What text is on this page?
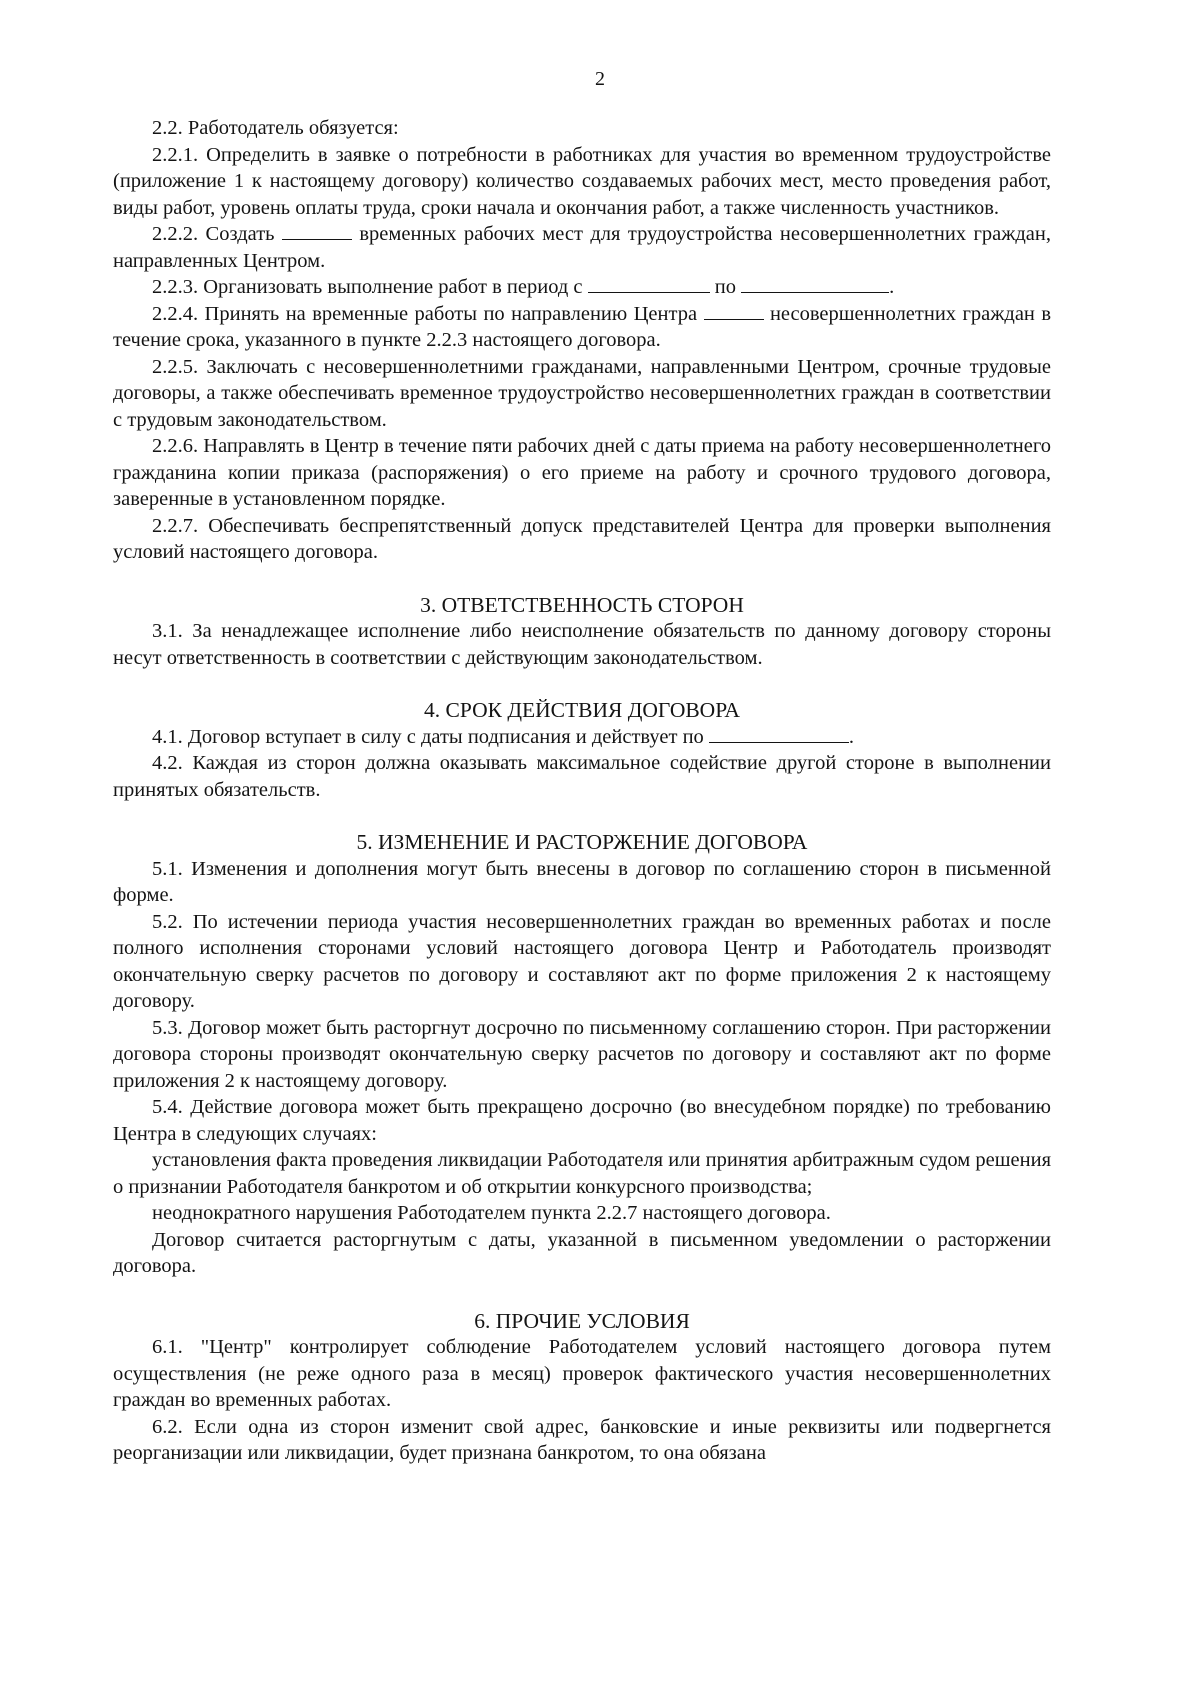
2

2.2. Работодатель обязуется:

2.2.1. Определить в заявке о потребности в работниках для участия во временном трудоустройстве (приложение 1 к настоящему договору) количество создаваемых рабочих мест, место проведения работ, виды работ, уровень оплаты труда, сроки начала и окончания работ, а также численность участников.

2.2.2. Создать	временных рабочих мест для трудоустройства несовершеннолетних граждан, направленных Центром.

2.2.3. Организовать выполнение работ в период с	по	.

2.2.4. Принять на временные работы по направлению Центра	несовершеннолетних граждан в течение срока, указанного в пункте 2.2.3 настоящего договора.

2.2.5. Заключать с несовершеннолетними гражданами, направленными Центром, срочные трудовые договоры, а также обеспечивать временное трудоустройство несовершеннолетних граждан в соответствии с трудовым законодательством.

2.2.6. Направлять в Центр в течение пяти рабочих дней с даты приема на работу несовершеннолетнего гражданина копии приказа (распоряжения) о его приеме на работу и срочного трудового договора, заверенные в установленном порядке.

2.2.7. Обеспечивать беспрепятственный допуск представителей Центра для проверки выполнения условий настоящего договора.

3. ОТВЕТСТВЕННОСТЬ СТОРОН

3.1. За ненадлежащее исполнение либо неисполнение обязательств по данному договору стороны несут ответственность в соответствии с действующим законодательством.

4. СРОК ДЕЙСТВИЯ ДОГОВОРА

4.1. Договор вступает в силу с даты подписания и действует по	.

4.2. Каждая из сторон должна оказывать максимальное содействие другой стороне в выполнении принятых обязательств.

5. ИЗМЕНЕНИЕ И РАСТОРЖЕНИЕ ДОГОВОРА

5.1. Изменения и дополнения могут быть внесены в договор по соглашению сторон в письменной форме.

5.2. По истечении периода участия несовершеннолетних граждан во временных работах и после полного исполнения сторонами условий настоящего договора Центр и Работодатель производят окончательную сверку расчетов по договору и составляют акт по форме приложения 2 к настоящему договору.

5.3. Договор может быть расторгнут досрочно по письменному соглашению сторон. При расторжении договора стороны производят окончательную сверку расчетов по договору и составляют акт по форме приложения 2 к настоящему договору.

5.4. Действие договора может быть прекращено досрочно (во внесудебном порядке) по требованию Центра в следующих случаях:

установления факта проведения ликвидации Работодателя или принятия арбитражным судом решения о признании Работодателя банкротом и об открытии конкурсного производства;

неоднократного нарушения Работодателем пункта 2.2.7 настоящего договора.

Договор считается расторгнутым с даты, указанной в письменном уведомлении о расторжении договора.

6. ПРОЧИЕ УСЛОВИЯ

6.1. "Центр" контролирует соблюдение Работодателем условий настоящего договора путем осуществления (не реже одного раза в месяц) проверок фактического участия несовершеннолетних граждан во временных работах.

6.2. Если одна из сторон изменит свой адрес, банковские и иные реквизиты или подвергнется реорганизации или ликвидации, будет признана банкротом, то она обязана
